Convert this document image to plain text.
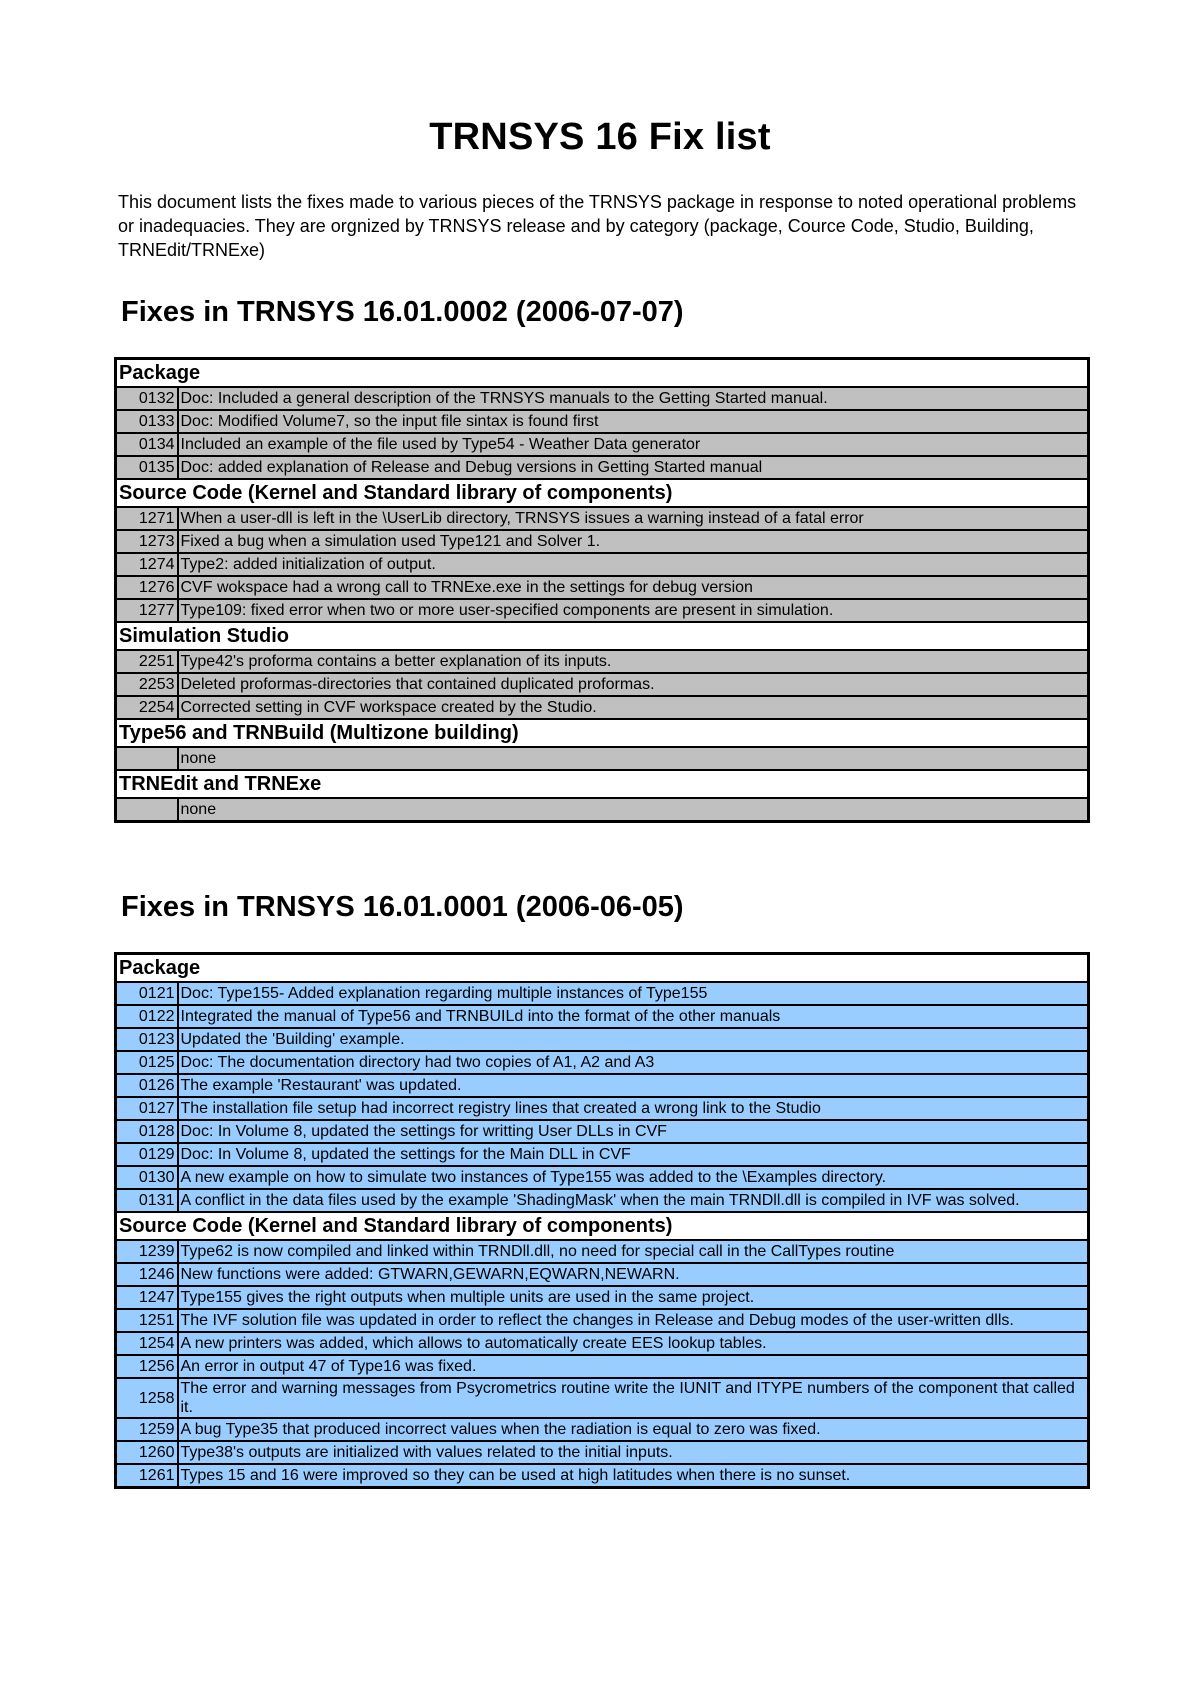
TRNSYS 16 Fix list

This document lists the fixes made to various pieces of the TRNSYS package in response to noted operational problems or inadequacies. They are orgnized by TRNSYS release and by category (package, Cource Code, Studio, Building, TRNEdit/TRNExe)

Fixes in TRNSYS 16.01.0002 (2006-07-07)
Package	
0132	Doc: Included a general description of the TRNSYS manuals to the Getting Started manual.
0133	Doc: Modified Volume7, so the input file sintax is found first
0134	Included an example of the file used by Type54 - Weather Data generator
0135	Doc: added explanation of Release and Debug versions in Getting Started manual
Source Code (Kernel and Standard library of components)	
1271	When a user-dll is left in the \UserLib directory, TRNSYS issues a warning instead of a fatal error
1273	Fixed a bug when a simulation used Type121 and Solver 1.
1274	Type2: added initialization of output.
1276	CVF wokspace had a wrong call to TRNExe.exe in the settings for debug version
1277	Type109: fixed error when two or more user-specified components are present in simulation.
Simulation Studio	
2251	Type42's proforma contains a better explanation of its inputs.
2253	Deleted proformas-directories that contained duplicated proformas.
2254	Corrected setting in CVF workspace created by the Studio.
Type56 and TRNBuild (Multizone building)	
	none
TRNEdit and TRNExe	
	none
Fixes in TRNSYS 16.01.0001 (2006-06-05)
Package	
0121	Doc: Type155- Added explanation regarding multiple instances of Type155
0122	Integrated the manual of Type56 and TRNBUILd into the format of the other manuals
0123	Updated the 'Building' example.
0125	Doc: The documentation directory had two copies of A1, A2 and A3
0126	The example 'Restaurant' was updated.
0127	The installation file setup had incorrect registry lines that created a wrong link to the Studio
0128	Doc: In Volume 8, updated the settings for writting User DLLs in CVF
0129	Doc: In Volume 8, updated the settings for the Main DLL in CVF
0130	A new example on how to simulate two instances of Type155 was added to the \Examples directory.
0131	A conflict in the data files used by the example 'ShadingMask' when the main TRNDll.dll is compiled in IVF was solved.
Source Code (Kernel and Standard library of components)	
1239	Type62 is now compiled and linked within TRNDll.dll, no need for special call in the CallTypes routine
1246	New functions were added: GTWARN,GEWARN,EQWARN,NEWARN.
1247	Type155 gives the right outputs when multiple units are used in the same project.
1251	The IVF solution file was updated in order to reflect the changes in Release and Debug modes of the user-written dlls.
1254	A new printers was added, which allows to automatically create EES lookup tables.
1256	An error in output 47 of Type16 was fixed.
1258	The error and warning messages from Psycrometrics routine write the IUNIT and ITYPE numbers of the component that called it.
1259	A bug Type35 that produced incorrect values when the radiation is equal to zero was fixed.
1260	Type38's outputs are initialized with values related to the initial inputs.
1261	Types 15 and 16 were improved so they can be used at high latitudes when there is no sunset.
